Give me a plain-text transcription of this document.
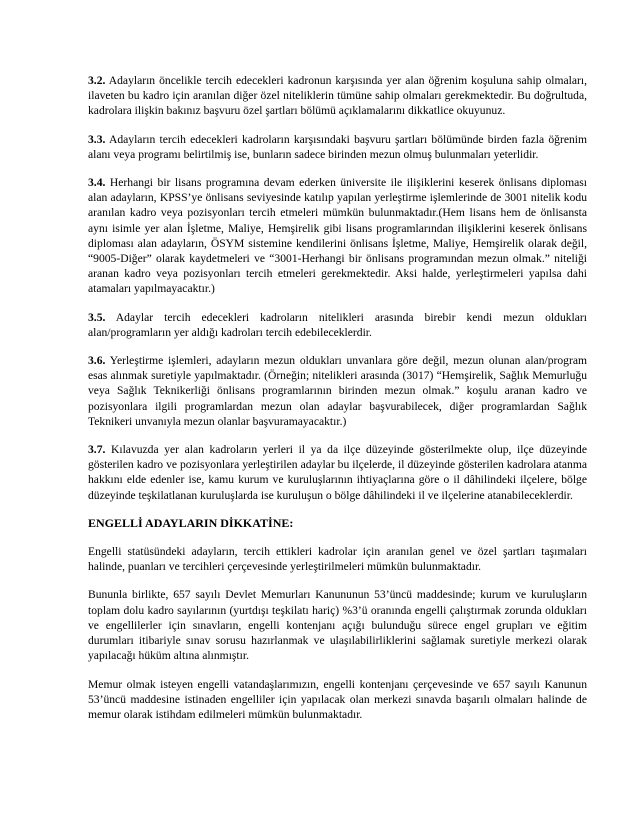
3.2. Adayların öncelikle tercih edecekleri kadronun karşısında yer alan öğrenim koşuluna sahip olmaları, ilaveten bu kadro için aranılan diğer özel niteliklerin tümüne sahip olmaları gerekmektedir. Bu doğrultuda, kadrolara ilişkin bakınız başvuru özel şartları bölümü açıklamalarını dikkatlice okuyunuz.

3.3. Adayların tercih edecekleri kadroların karşısındaki başvuru şartları bölümünde birden fazla öğrenim alanı veya programı belirtilmiş ise, bunların sadece birinden mezun olmuş bulunmaları yeterlidir.

3.4. Herhangi bir lisans programına devam ederken üniversite ile ilişiklerini keserek önlisans diploması alan adayların, KPSS’ye önlisans seviyesinde katılıp yapılan yerleştirme işlemlerinde de 3001 nitelik kodu aranılan kadro veya pozisyonları tercih etmeleri mümkün bulunmaktadır.(Hem lisans hem de önlisansta aynı isimle yer alan İşletme, Maliye, Hemşirelik gibi lisans programlarından ilişiklerini keserek önlisans diploması alan adayların, ÖSYM sistemine kendilerini önlisans İşletme, Maliye, Hemşirelik olarak değil, “9005-Diğer” olarak kaydetmeleri ve “3001-Herhangi bir önlisans programından mezun olmak.” niteliği aranan kadro veya pozisyonları tercih etmeleri gerekmektedir. Aksi halde, yerleştirmeleri yapılsa dahi atamaları yapılmayacaktır.)

3.5. Adaylar tercih edecekleri kadroların nitelikleri arasında birebir kendi mezun oldukları alan/programların yer aldığı kadroları tercih edebileceklerdir.

3.6. Yerleştirme işlemleri, adayların mezun oldukları unvanlara göre değil, mezun olunan alan/program esas alınmak suretiyle yapılmaktadır. (Örneğin; nitelikleri arasında (3017) “Hemşirelik, Sağlık Memurluğu veya Sağlık Teknikerliği önlisans programlarının birinden mezun olmak.” koşulu aranan kadro ve pozisyonlara ilgili programlardan mezun olan adaylar başvurabilecek, diğer programlardan Sağlık Teknikeri unvanıyla mezun olanlar başvuramayacaktır.)

3.7. Kılavuzda yer alan kadroların yerleri il ya da ilçe düzeyinde gösterilmekte olup, ilçe düzeyinde gösterilen kadro ve pozisyonlara yerleştirilen adaylar bu ilçelerde, il düzeyinde gösterilen kadrolara atanma hakkını elde edenler ise, kamu kurum ve kuruluşlarının ihtiyaçlarına göre o il dâhilindeki ilçelere, bölge düzeyinde teşkilatlanan kuruluşlarda ise kuruluşun o bölge dâhilindeki il ve ilçelerine atanabileceklerdir.

ENGELLİ ADAYLARIN DİKKATİNE:

Engelli statüsündeki adayların, tercih ettikleri kadrolar için aranılan genel ve özel şartları taşımaları halinde, puanları ve tercihleri çerçevesinde yerleştirilmeleri mümkün bulunmaktadır.

Bununla birlikte, 657 sayılı Devlet Memurları Kanununun 53’üncü maddesinde; kurum ve kuruluşların toplam dolu kadro sayılarının (yurtdışı teşkilatı hariç) %3’ü oranında engelli çalıştırmak zorunda oldukları ve engellilerler için sınavların, engelli kontenjanı açığı bulunduğu sürece engel grupları ve eğitim durumları itibariyle sınav sorusu hazırlanmak ve ulaşılabilirliklerini sağlamak suretiyle merkezi olarak yapılacağı hüküm altına alınmıştır.

Memur olmak isteyen engelli vatandaşlarımızın, engelli kontenjanı çerçevesinde ve 657 sayılı Kanunun 53’üncü maddesine istinaden engelliler için yapılacak olan merkezi sınavda başarılı olmaları halinde de memur olarak istihdam edilmeleri mümkün bulunmaktadır.
